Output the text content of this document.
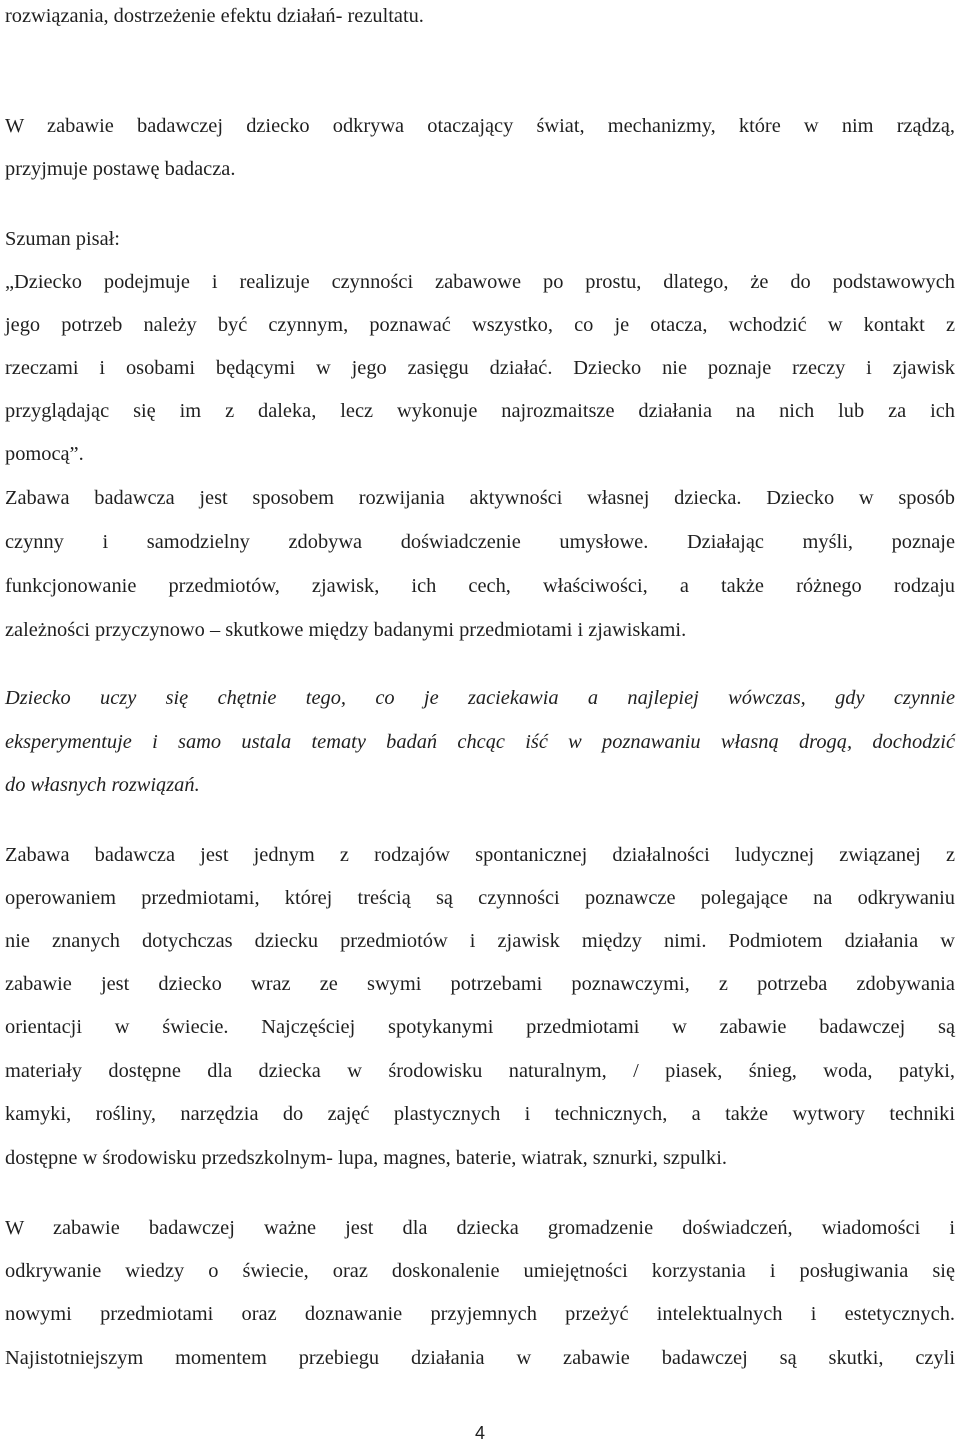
rozwiązania, dostrzeżenie efektu działań- rezultatu.
W zabawie badawczej dziecko odkrywa otaczający świat, mechanizmy, które w nim rządzą,
przyjmuje postawę badacza.
Szuman pisał:
„Dziecko podejmuje i realizuje czynności zabawowe po prostu, dlatego, że do podstawowych
jego potrzeb należy być czynnym, poznawać wszystko, co je otacza, wchodzić w kontakt z
rzeczami i osobami będącymi w jego zasięgu działać. Dziecko nie poznaje rzeczy i zjawisk
przyglądając się im z daleka, lecz wykonuje najrozmaitsze działania na nich lub za ich
pomocą”.
Zabawa badawcza jest sposobem rozwijania aktywności własnej dziecka. Dziecko w sposób
czynny i samodzielny zdobywa doświadczenie umysłowe. Działając myśli, poznaje
funkcjonowanie przedmiotów, zjawisk, ich cech, właściwości, a także różnego rodzaju
zależności przyczynowo – skutkowe między badanymi przedmiotami i zjawiskami.
Dziecko uczy się chętnie tego, co je zaciekawia a najlepiej wówczas, gdy czynnie
eksperymentuje i samo ustala tematy badań chcąc iść w poznawaniu własną drogą, dochodzić
do własnych rozwiązań.
Zabawa badawcza jest jednym z rodzajów spontanicznej działalności ludycznej związanej z
operowaniem przedmiotami, której treścią są czynności poznawcze polegające na odkrywaniu
nie znanych dotychczas dziecku przedmiotów i zjawisk między nimi. Podmiotem działania w
zabawie jest dziecko wraz ze swymi potrzebami poznawczymi, z potrzeba zdobywania
orientacji w świecie. Najczęściej spotykanymi przedmiotami w zabawie badawczej są
materiały dostępne dla dziecka w środowisku naturalnym, / piasek, śnieg, woda, patyki,
kamyki, rośliny, narzędzia do zajęć plastycznych i technicznych, a także wytwory techniki
dostępne w środowisku przedszkolnym- lupa, magnes, baterie, wiatrak, sznurki, szpulki.
W zabawie badawczej ważne jest dla dziecka gromadzenie doświadczeń, wiadomości i
odkrywanie wiedzy o świecie, oraz doskonalenie umiejętności korzystania i posługiwania się
nowymi przedmiotami oraz doznawanie przyjemnych przeżyć intelektualnych i estetycznych.
Najistotniejszym momentem przebiegu działania w zabawie badawczej są skutki, czyli
4
